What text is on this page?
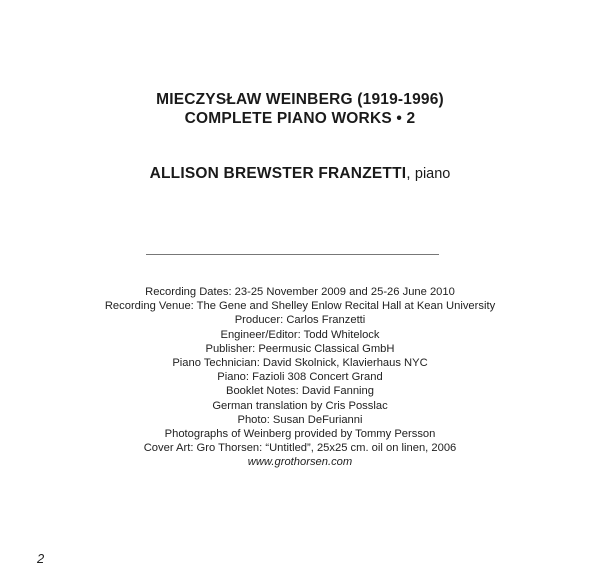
MIECZYSŁAW WEINBERG (1919-1996)
COMPLETE PIANO WORKS • 2
ALLISON BREWSTER FRANZETTI, piano
Recording Dates: 23-25 November 2009 and 25-26 June 2010
Recording Venue: The Gene and Shelley Enlow Recital Hall at Kean University
Producer: Carlos Franzetti
Engineer/Editor: Todd Whitelock
Publisher: Peermusic Classical GmbH
Piano Technician: David Skolnick, Klavierhaus NYC
Piano: Fazioli 308 Concert Grand
Booklet Notes: David Fanning
German translation by Cris Posslac
Photo: Susan DeFurianni
Photographs of Weinberg provided by Tommy Persson
Cover Art: Gro Thorsen: “Untitled”, 25x25 cm. oil on linen, 2006
www.grothorsen.com
2
